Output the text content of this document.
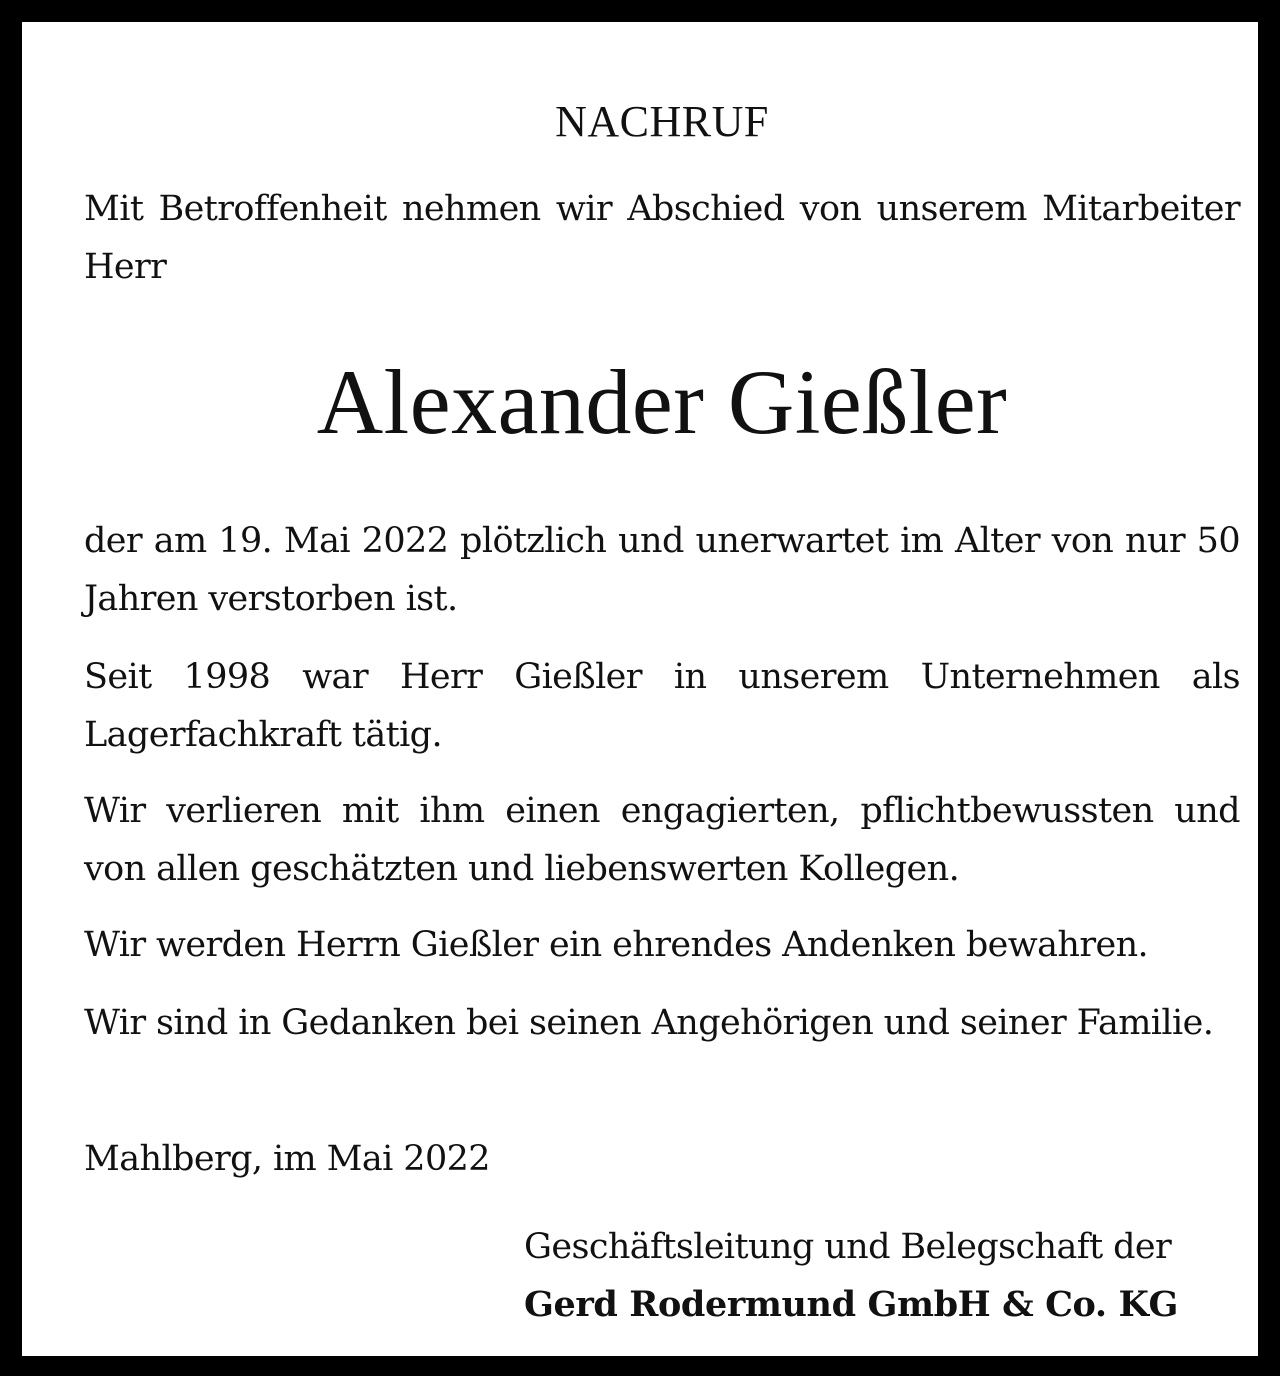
NACHRUF

Mit Betroffenheit nehmen wir Abschied von unserem Mitarbeiter Herr

Alexander Gießler

der am 19. Mai 2022 plötzlich und unerwartet im Alter von nur 50 Jahren verstorben ist.

Seit 1998 war Herr Gießler in unserem Unternehmen als Lagerfachkraft tätig.

Wir verlieren mit ihm einen engagierten, pflichtbewussten und von allen geschätzten und liebenswerten Kollegen.

Wir werden Herrn Gießler ein ehrendes Andenken bewahren.

Wir sind in Gedanken bei seinen Angehörigen und seiner Familie.

Mahlberg, im Mai 2022

Geschäftsleitung und Belegschaft der
Gerd Rodermund GmbH & Co. KG
